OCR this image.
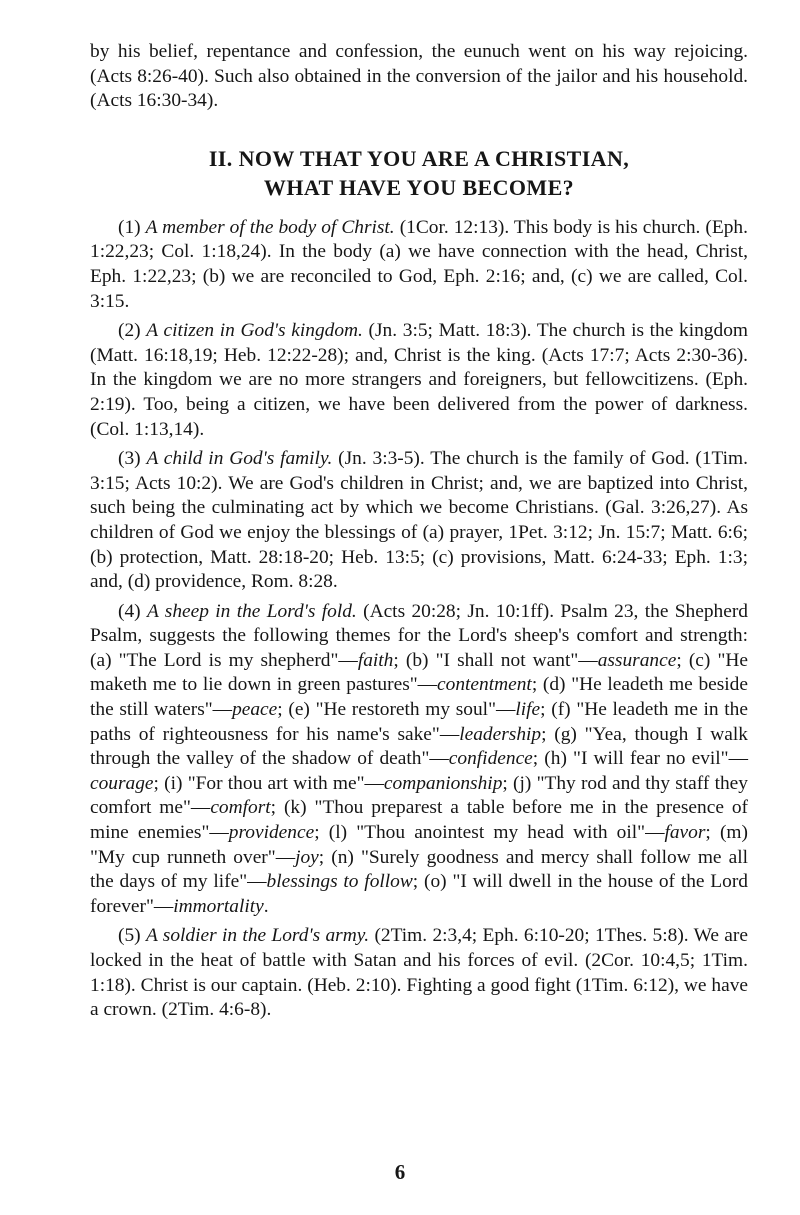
by his belief, repentance and confession, the eunuch went on his way rejoicing. (Acts 8:26-40). Such also obtained in the conversion of the jailor and his household. (Acts 16:30-34).

II. NOW THAT YOU ARE A CHRISTIAN,
WHAT HAVE YOU BECOME?

(1) A member of the body of Christ. (1Cor. 12:13). This body is his church. (Eph. 1:22,23; Col. 1:18,24). In the body (a) we have connection with the head, Christ, Eph. 1:22,23; (b) we are reconciled to God, Eph. 2:16; and, (c) we are called, Col. 3:15.

(2) A citizen in God's kingdom. (Jn. 3:5; Matt. 18:3). The church is the kingdom (Matt. 16:18,19; Heb. 12:22-28); and, Christ is the king. (Acts 17:7; Acts 2:30-36). In the kingdom we are no more strangers and foreigners, but fellowcitizens. (Eph. 2:19). Too, being a citizen, we have been delivered from the power of darkness. (Col. 1:13,14).

(3) A child in God's family. (Jn. 3:3-5). The church is the family of God. (1Tim. 3:15; Acts 10:2). We are God's children in Christ; and, we are baptized into Christ, such being the culminating act by which we become Christians. (Gal. 3:26,27). As children of God we enjoy the blessings of (a) prayer, 1Pet. 3:12; Jn. 15:7; Matt. 6:6; (b) protection, Matt. 28:18-20; Heb. 13:5; (c) provisions, Matt. 6:24-33; Eph. 1:3; and, (d) providence, Rom. 8:28.

(4) A sheep in the Lord's fold. (Acts 20:28; Jn. 10:1ff). Psalm 23, the Shepherd Psalm, suggests the following themes for the Lord's sheep's comfort and strength: (a) "The Lord is my shepherd"—faith; (b) "I shall not want"—assurance; (c) "He maketh me to lie down in green pastures"—contentment; (d) "He leadeth me beside the still waters"—peace; (e) "He restoreth my soul"—life; (f) "He leadeth me in the paths of righteousness for his name's sake"—leadership; (g) "Yea, though I walk through the valley of the shadow of death"—confidence; (h) "I will fear no evil"—courage; (i) "For thou art with me"—companionship; (j) "Thy rod and thy staff they comfort me"—comfort; (k) "Thou preparest a table before me in the presence of mine enemies"—providence; (l) "Thou anointest my head with oil"—favor; (m) "My cup runneth over"—joy; (n) "Surely goodness and mercy shall follow me all the days of my life"—blessings to follow; (o) "I will dwell in the house of the Lord forever"—immortality.

(5) A soldier in the Lord's army. (2Tim. 2:3,4; Eph. 6:10-20; 1Thes. 5:8). We are locked in the heat of battle with Satan and his forces of evil. (2Cor. 10:4,5; 1Tim. 1:18). Christ is our captain. (Heb. 2:10). Fighting a good fight (1Tim. 6:12), we have a crown. (2Tim. 4:6-8).

6
